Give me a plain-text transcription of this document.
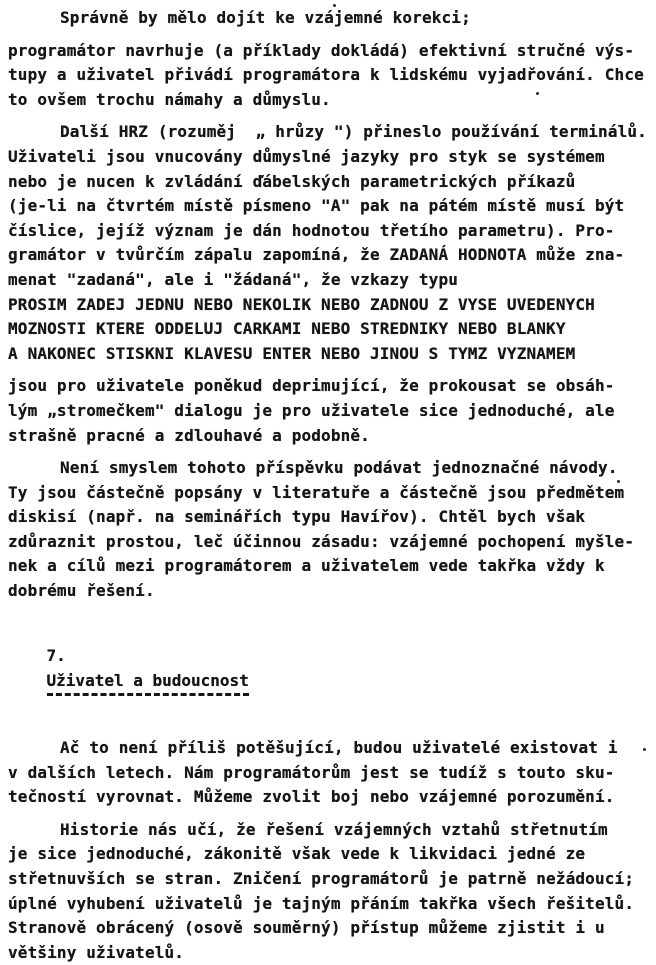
Správně by mělo dojít ke vzájemné korekci;

programátor navrhuje (a příklady dokládá) efektivní stručné výs-
tupy a uživatel přivádí programátora k lidskému vyjadřování. Chce
to ovšem trochu námahy a důmyslu.

Další HRZ (rozuměj  „ hrůzy ") přineslo používání terminálů.
Uživateli jsou vnucovány důmyslné jazyky pro styk se systémem
nebo je nucen k zvládání ďábelských parametrických příkazů
(je-li na čtvrtém místě písmeno "A" pak na pátém místě musí být
číslice, jejíž význam je dán hodnotou třetího parametru). Pro-
gramátor v tvůrčím zápalu zapomíná, že ZADANÁ HODNOTA může zna-
menat "zadaná", ale i "žádaná", že vzkazy typu
PROSIM ZADEJ JEDNU NEBO NEKOLIK NEBO ZADNOU Z VYSE UVEDENYCH
MOZNOSTI KTERE ODDELUJ CARKAMI NEBO STREDNIKY NEBO BLANKY
A NAKONEC STISKNI KLAVESU ENTER NEBO JINOU S TYMZ VYZNAMEM

jsou pro uživatele poněkud deprimující, že prokousat se obsáh-
lým „stromečkem" dialogu je pro uživatele sice jednoduché, ale
strašně pracné a zdlouhavé a podobně.

Není smyslem tohoto příspěvku podávat jednoznačné návody.
Ty jsou částečně popsány v literatuře a částečně jsou předmětem
diskisí (např. na seminářích typu Havířov). Chtěl bych však
zdůraznit prostou, leč účinnou zásadu: vzájemné pochopení myšle-
nek a cílů mezi programátorem a uživatelem vede takřka vždy k
dobrému řešení.

7.
Uživatel a budoucnost

Ač to není příliš potěšující, budou uživatelé existovat i
v dalších letech. Nám programátorům jest se tudíž s touto sku-
tečností vyrovnat. Můžeme zvolit boj nebo vzájemné porozumění.

Historie nás učí, že řešení vzájemných vztahů střetnutím
je sice jednoduché, zákonitě však vede k likvidaci jedné ze
střetnuvších se stran. Zničení programátorů je patrně nežádoucí;
úplné vyhubení uživatelů je tajným přáním takřka všech řešitelů.
Stranově obrácený (osově souměrný) přístup můžeme zjistit i u
většiny uživatelů.
